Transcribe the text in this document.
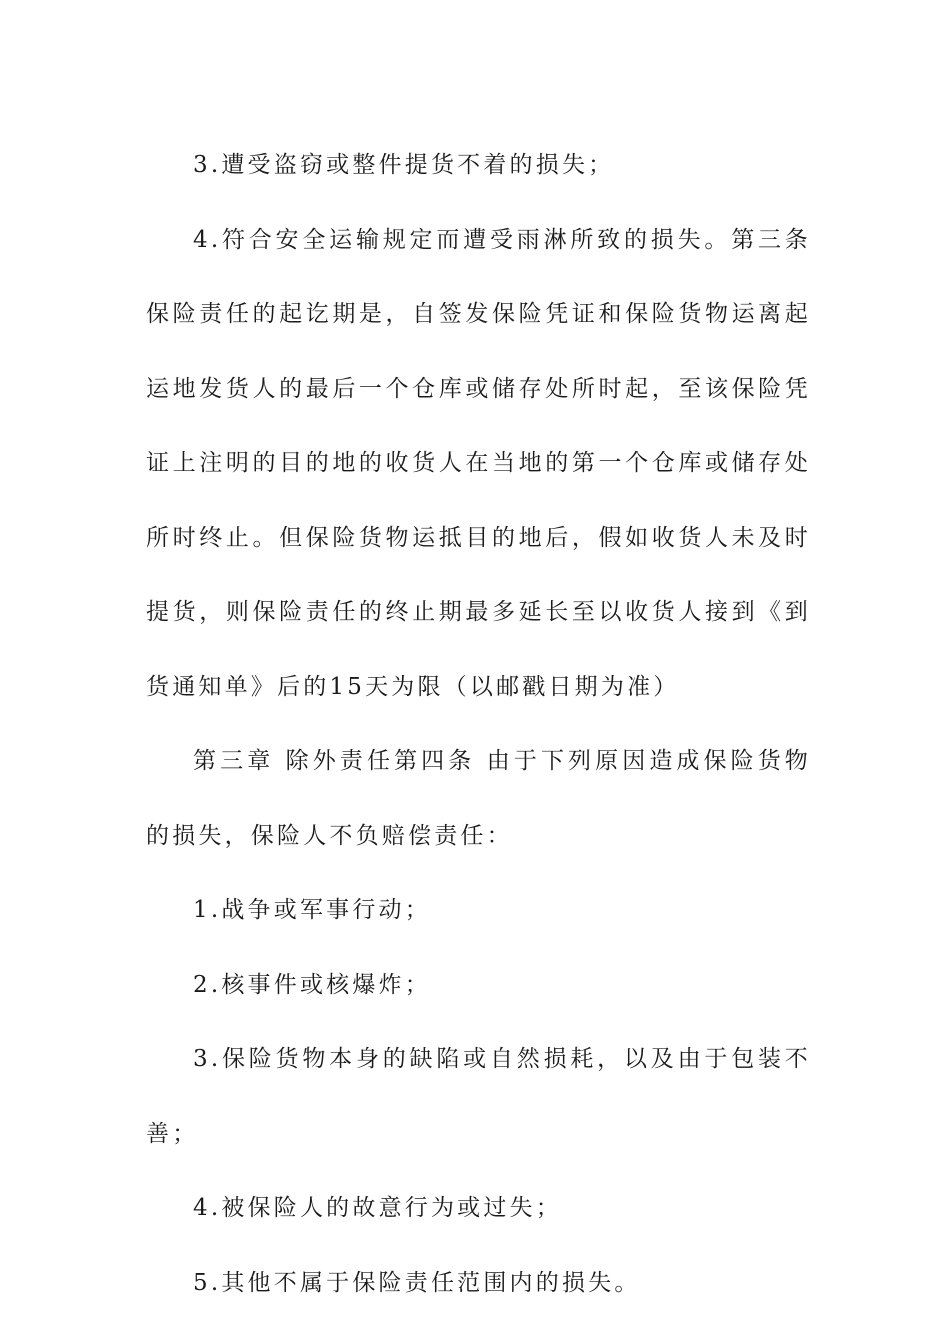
3.遭受盗窃或整件提货不着的损失；

4.符合安全运输规定而遭受雨淋所致的损失。第三条 保险责任的起讫期是，自签发保险凭证和保险货物运离起运地发货人的最后一个仓库或储存处所时起，至该保险凭证上注明的目的地的收货人在当地的第一个仓库或储存处所时终止。但保险货物运抵目的地后，假如收货人未及时提货，则保险责任的终止期最多延长至以收货人接到《到货通知单》后的15天为限（以邮戳日期为准）

第三章 除外责任第四条 由于下列原因造成保险货物的损失，保险人不负赔偿责任：

1.战争或军事行动；

2.核事件或核爆炸；

3.保险货物本身的缺陷或自然损耗，以及由于包装不善；

4.被保险人的故意行为或过失；

5.其他不属于保险责任范围内的损失。
